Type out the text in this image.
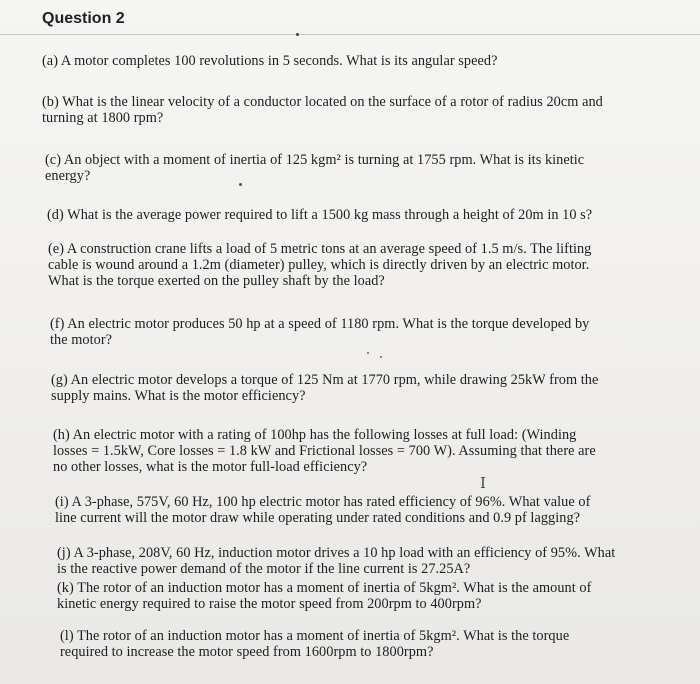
Question 2
(a) A motor completes 100 revolutions in 5 seconds. What is its angular speed?
(b) What is the linear velocity of a conductor located on the surface of a rotor of radius 20cm and
turning at 1800 rpm?
(c) An object with a moment of inertia of 125 kgm² is turning at 1755 rpm. What is its kinetic
energy?
(d) What is the average power required to lift a 1500 kg mass through a height of 20m in 10 s?
(e) A construction crane lifts a load of 5 metric tons at an average speed of 1.5 m/s. The lifting
cable is wound around a 1.2m (diameter) pulley, which is directly driven by an electric motor.
What is the torque exerted on the pulley shaft by the load?
(f) An electric motor produces 50 hp at a speed of 1180 rpm. What is the torque developed by
the motor?
(g) An electric motor develops a torque of 125 Nm at 1770 rpm, while drawing 25kW from the
supply mains. What is the motor efficiency?
(h) An electric motor with a rating of 100hp has the following losses at full load: (Winding
losses = 1.5kW, Core losses = 1.8 kW and Frictional losses = 700 W). Assuming that there are
no other losses, what is the motor full-load efficiency?
I
(i) A 3-phase, 575V, 60 Hz, 100 hp electric motor has rated efficiency of 96%. What value of
line current will the motor draw while operating under rated conditions and 0.9 pf lagging?
(j) A 3-phase, 208V, 60 Hz, induction motor drives a 10 hp load with an efficiency of 95%. What
is the reactive power demand of the motor if the line current is 27.25A?
(k) The rotor of an induction motor has a moment of inertia of 5kgm². What is the amount of
kinetic energy required to raise the motor speed from 200rpm to 400rpm?
(l) The rotor of an induction motor has a moment of inertia of 5kgm². What is the torque
required to increase the motor speed from 1600rpm to 1800rpm?
